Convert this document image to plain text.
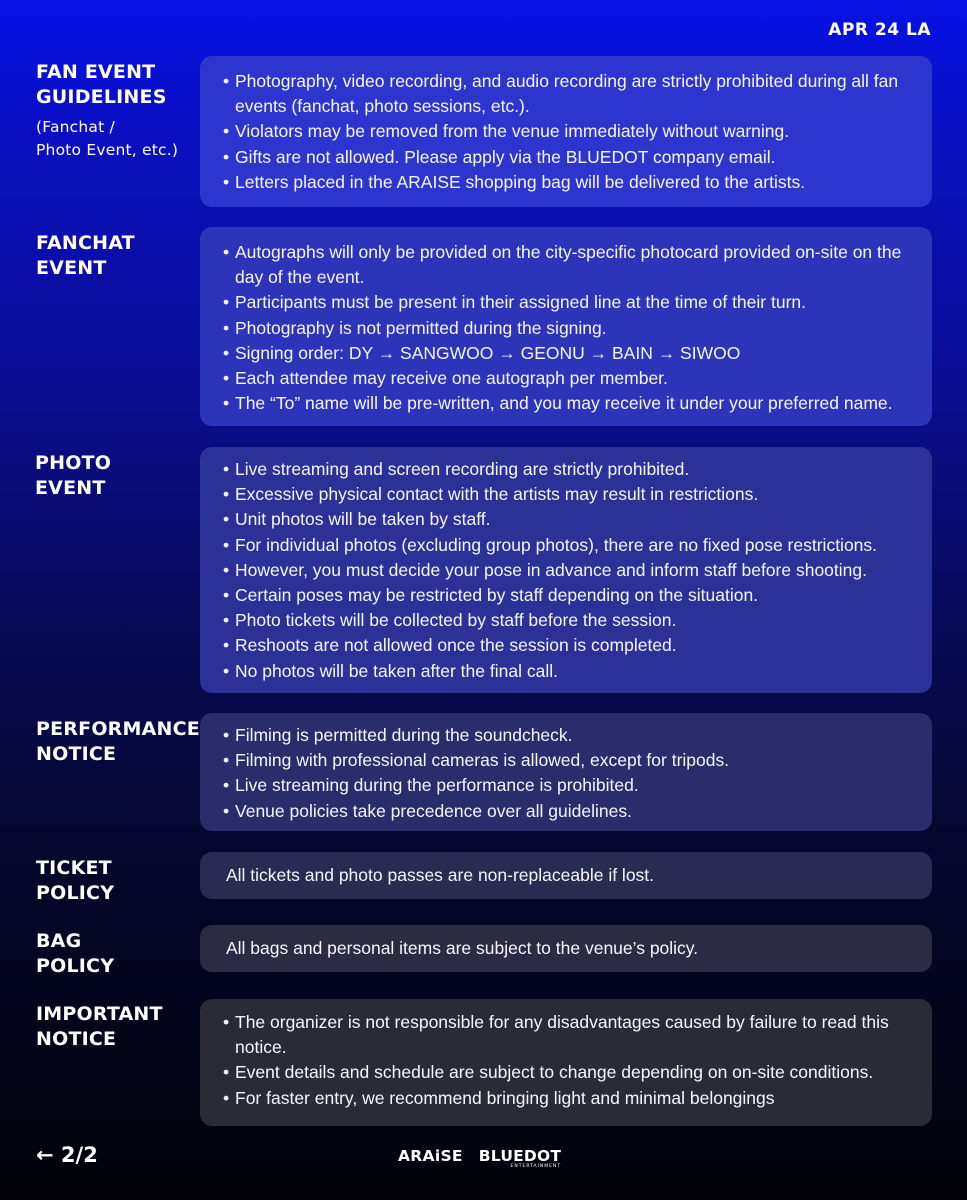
APR 24 LA
FAN EVENT
GUIDELINES
(Fanchat /
Photo Event, etc.)
• Photography, video recording, and audio recording are strictly prohibited during all fan events (fanchat, photo sessions, etc.).
• Violators may be removed from the venue immediately without warning.
• Gifts are not allowed. Please apply via the BLUEDOT company email.
• Letters placed in the ARAISE shopping bag will be delivered to the artists.
FANCHAT
EVENT
• Autographs will only be provided on the city-specific photocard provided on-site on the day of the event.
• Participants must be present in their assigned line at the time of their turn.
• Photography is not permitted during the signing.
• Signing order: DY → SANGWOO → GEONU → BAIN → SIWOO
• Each attendee may receive one autograph per member.
• The “To” name will be pre-written, and you may receive it under your preferred name.
PHOTO
EVENT
• Live streaming and screen recording are strictly prohibited.
• Excessive physical contact with the artists may result in restrictions.
• Unit photos will be taken by staff.
• For individual photos (excluding group photos), there are no fixed pose restrictions.
• However, you must decide your pose in advance and inform staff before shooting.
• Certain poses may be restricted by staff depending on the situation.
• Photo tickets will be collected by staff before the session.
• Reshoots are not allowed once the session is completed.
• No photos will be taken after the final call.
PERFORMANCE
NOTICE
• Filming is permitted during the soundcheck.
• Filming with professional cameras is allowed, except for tripods.
• Live streaming during the performance is prohibited.
• Venue policies take precedence over all guidelines.
TICKET
POLICY
All tickets and photo passes are non-replaceable if lost.
BAG
POLICY
All bags and personal items are subject to the venue’s policy.
IMPORTANT
NOTICE
• The organizer is not responsible for any disadvantages caused by failure to read this notice.
• Event details and schedule are subject to change depending on on-site conditions.
• For faster entry, we recommend bringing light and minimal belongings
← 2/2	ARAiSE BLUEDOT
ENTERTAINMENT
